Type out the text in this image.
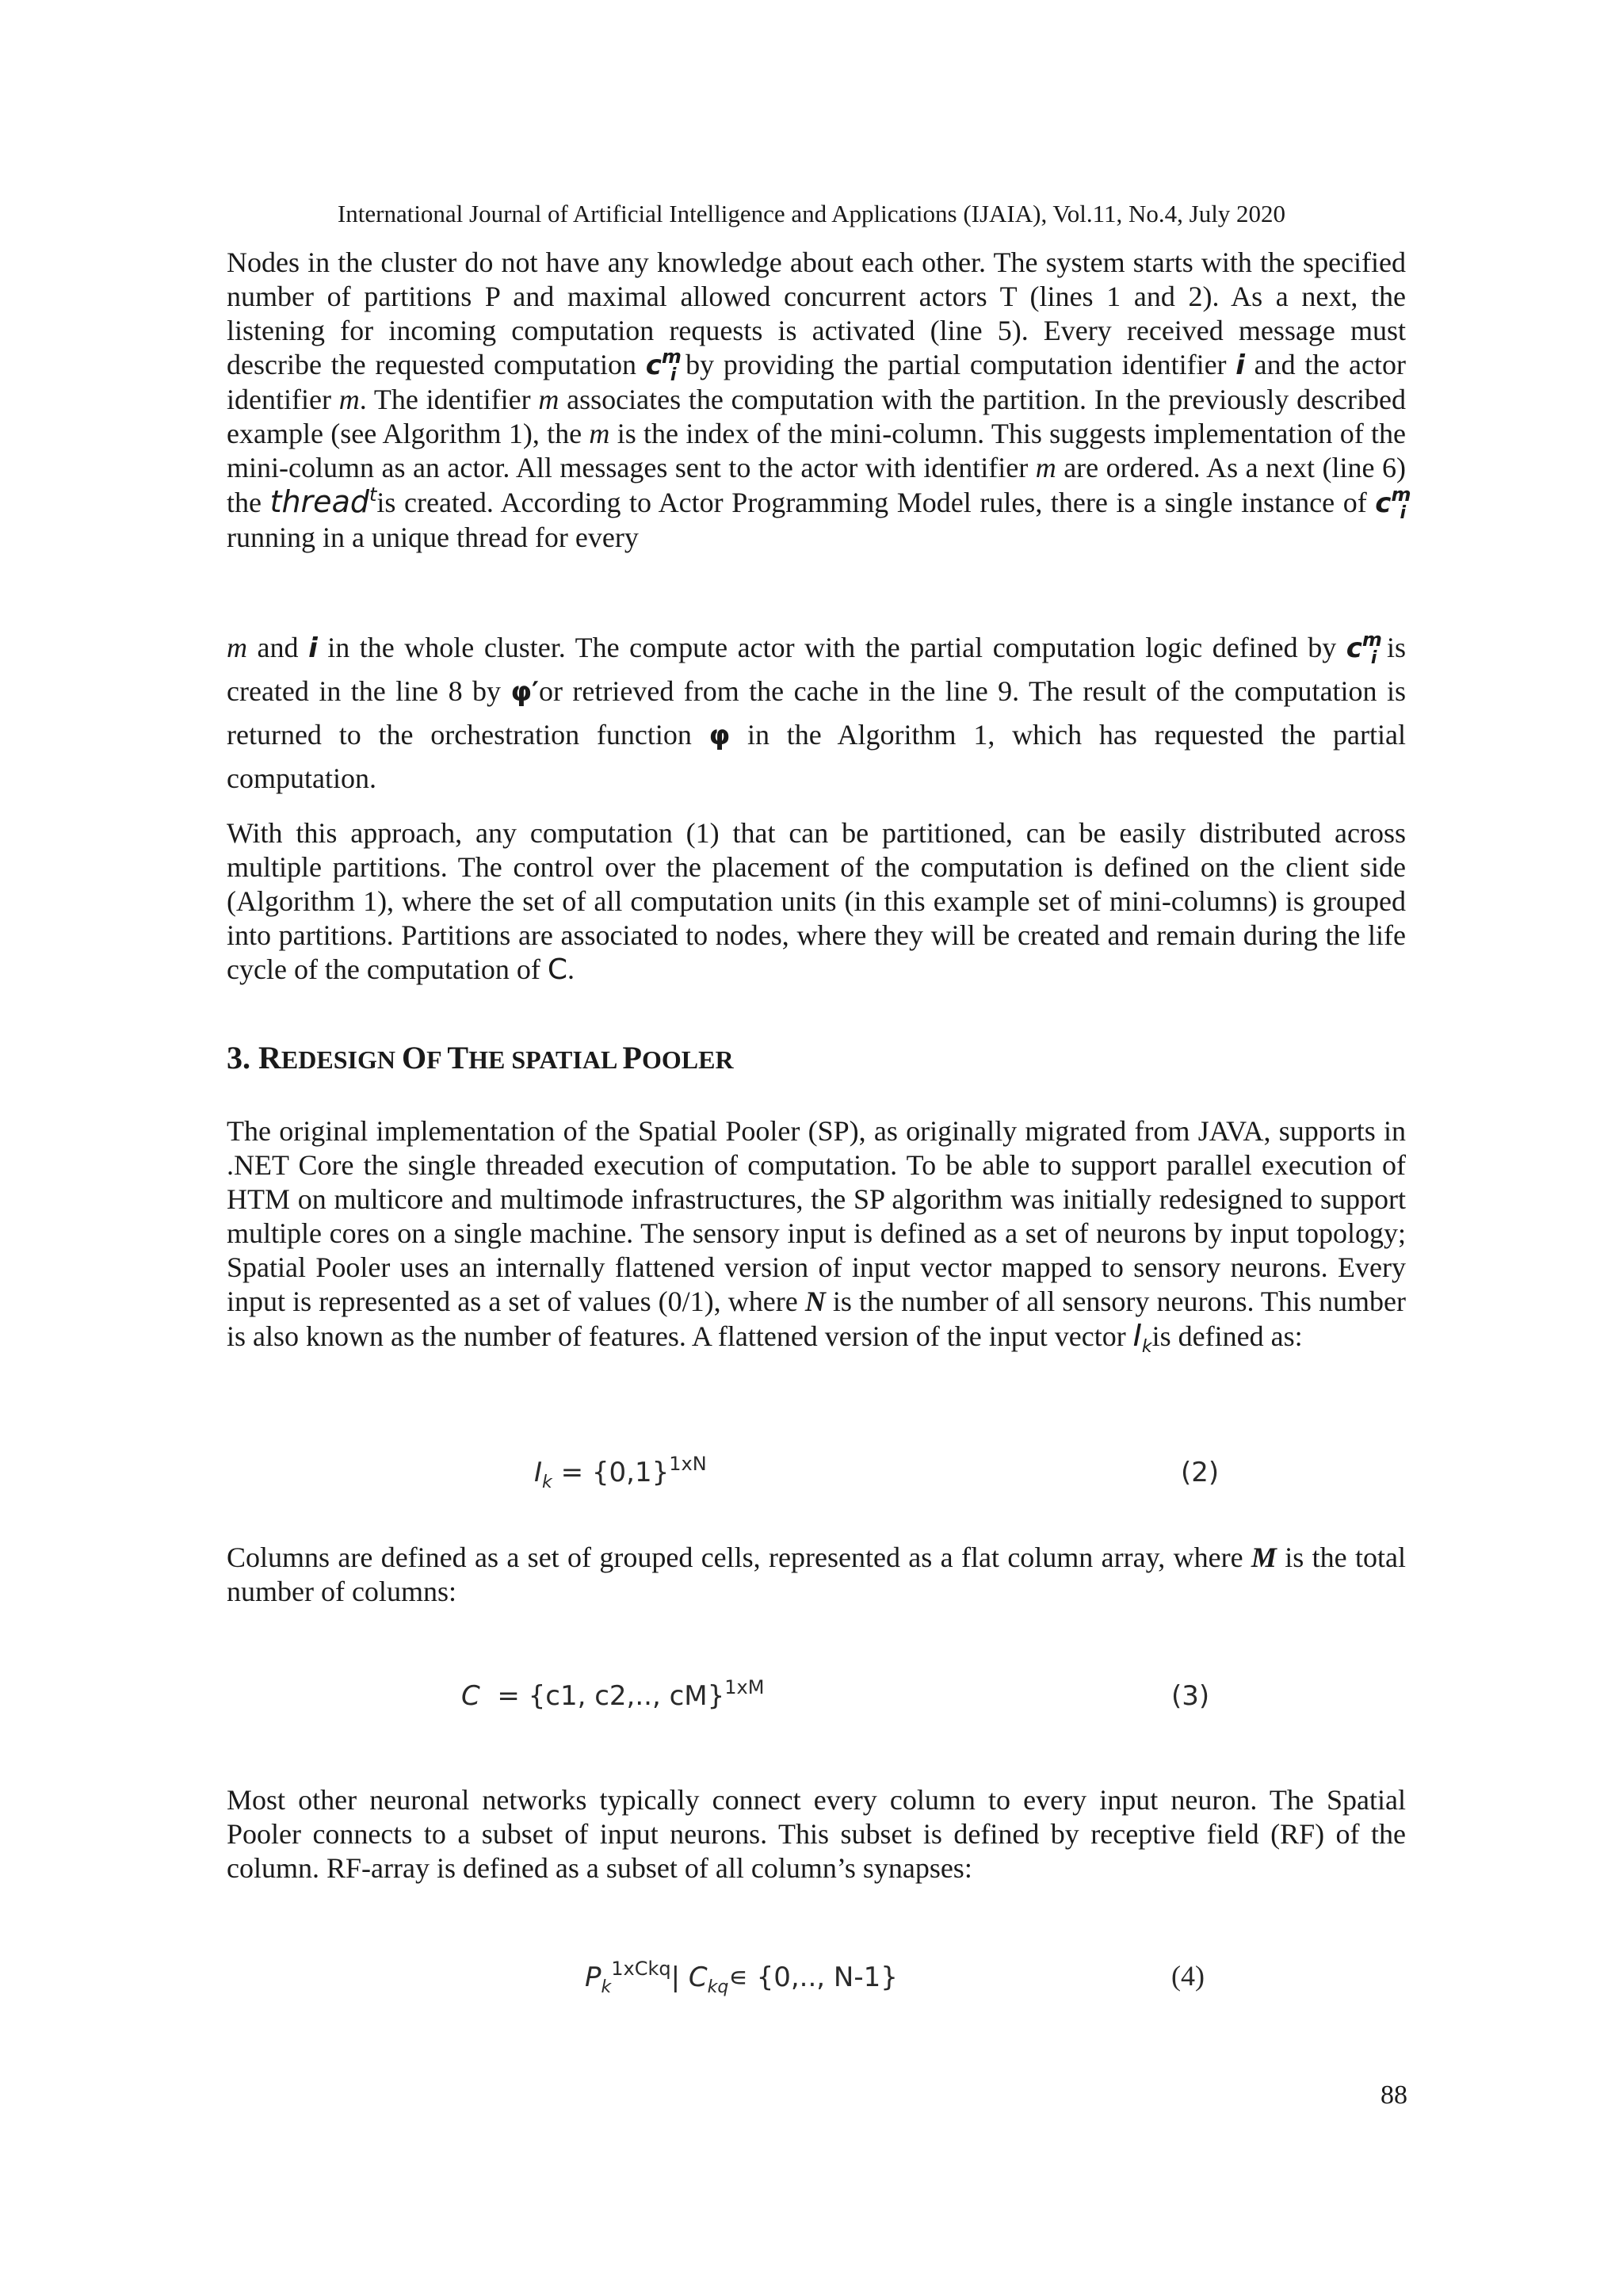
International Journal of Artificial Intelligence and Applications (IJAIA), Vol.11, No.4, July 2020

Nodes in the cluster do not have any knowledge about each other. The system starts with the specified number of partitions P and maximal allowed concurrent actors T (lines 1 and 2). As a next, the listening for incoming computation requests is activated (line 5). Every received message must describe the requested computation $c^m_i$ by providing the partial computation identifier i and the actor identifier m. The identifier m associates the computation with the partition. In the previously described example (see Algorithm 1), the m is the index of the mini-column. This suggests implementation of the mini-column as an actor. All messages sent to the actor with identifier m are ordered. As a next (line 6) the thread$^t$is created. According to Actor Programming Model rules, there is a single instance of $c^m_i$ running in a unique thread for every

m and i in the whole cluster. The compute actor with the partial computation logic defined by $c^m_i$ is created in the line 8 by φ′or retrieved from the cache in the line 9. The result of the computation is returned to the orchestration function φ in the Algorithm 1, which has requested the partial computation.

With this approach, any computation (1) that can be partitioned, can be easily distributed across multiple partitions. The control over the placement of the computation is defined on the client side (Algorithm 1), where the set of all computation units (in this example set of mini-columns) is grouped into partitions. Partitions are associated to nodes, where they will be created and remain during the life cycle of the computation of C.

3. REDESIGN OF THE SPATIAL POOLER

The original implementation of the Spatial Pooler (SP), as originally migrated from JAVA, supports in .NET Core the single threaded execution of computation. To be able to support parallel execution of HTM on multicore and multimode infrastructures, the SP algorithm was initially redesigned to support multiple cores on a single machine. The sensory input is defined as a set of neurons by input topology; Spatial Pooler uses an internally flattened version of input vector mapped to sensory neurons. Every input is represented as a set of values (0/1), where N is the number of all sensory neurons. This number is also known as the number of features. A flattened version of the input vector $I_kis$ defined as:

$I_k = \{0,1\}^{1xN}$	(2)

Columns are defined as a set of grouped cells, represented as a flat column array, where M is the total number of columns:

C  = {c1, c2,.., cM}$^{1xM}$	(3)

Most other neuronal networks typically connect every column to every input neuron. The Spatial Pooler connects to a subset of input neurons. This subset is defined by receptive field (RF) of the column. RF-array is defined as a subset of all column’s synapses:

$P_k^{1xCkq}|$ $C_{kq}∊$ {0,.., N-1}	(4)
88
